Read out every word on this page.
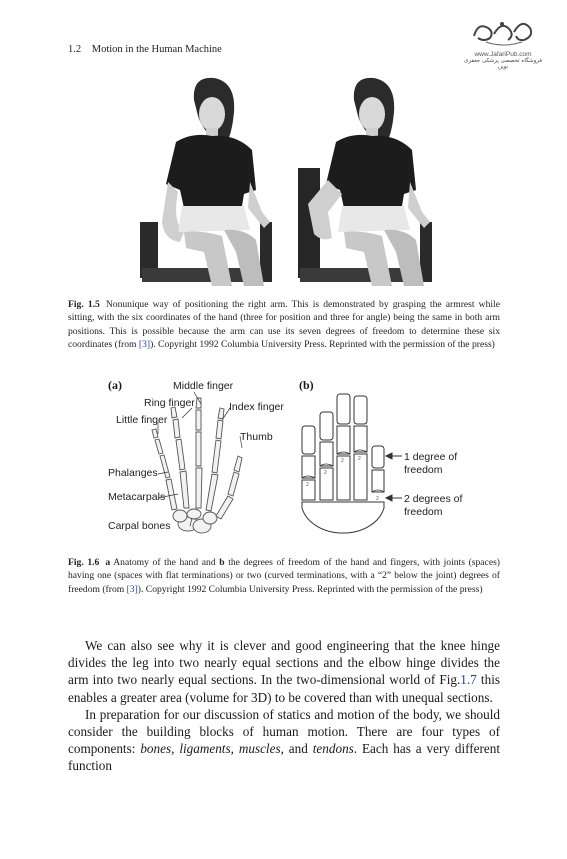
1.2 Motion in the Human Machine	www.JafariPub.com
فروشگاه تخصصی پزشکی جعفری نوین
Fig. 1.5 Nonunique way of positioning the right arm. This is demonstrated by grasping the armrest while sitting, with the six coordinates of the hand (three for position and three for angle) being the same in both arm positions. This is possible because the arm can use its seven degrees of freedom to determine these six coordinates (from [3]). Copyright 1992 Columbia University Press. Reprinted with the permission of the press)
(a)	(b)
Middle finger
Ring finger	Index finger
Little finger
Thumb
Phalanges
Metacarpals
Carpal bones
2
2
2	2
2
1 degree of freedom
2 degrees of freedom
Fig. 1.6 a Anatomy of the hand and b the degrees of freedom of the hand and fingers, with joints (spaces) having one (spaces with flat terminations) or two (curved terminations, with a “2” below the joint) degrees of freedom (from [3]). Copyright 1992 Columbia University Press. Reprinted with the permission of the press)

We can also see why it is clever and good engineering that the knee hinge divides the leg into two nearly equal sections and the elbow hinge divides the arm into two nearly equal sections. In the two-dimensional world of Fig.1.7 this enables a greater area (volume for 3D) to be covered than with unequal sections.

In preparation for our discussion of statics and motion of the body, we should consider the building blocks of human motion. There are four types of components: bones, ligaments, muscles, and tendons. Each has a very different function
